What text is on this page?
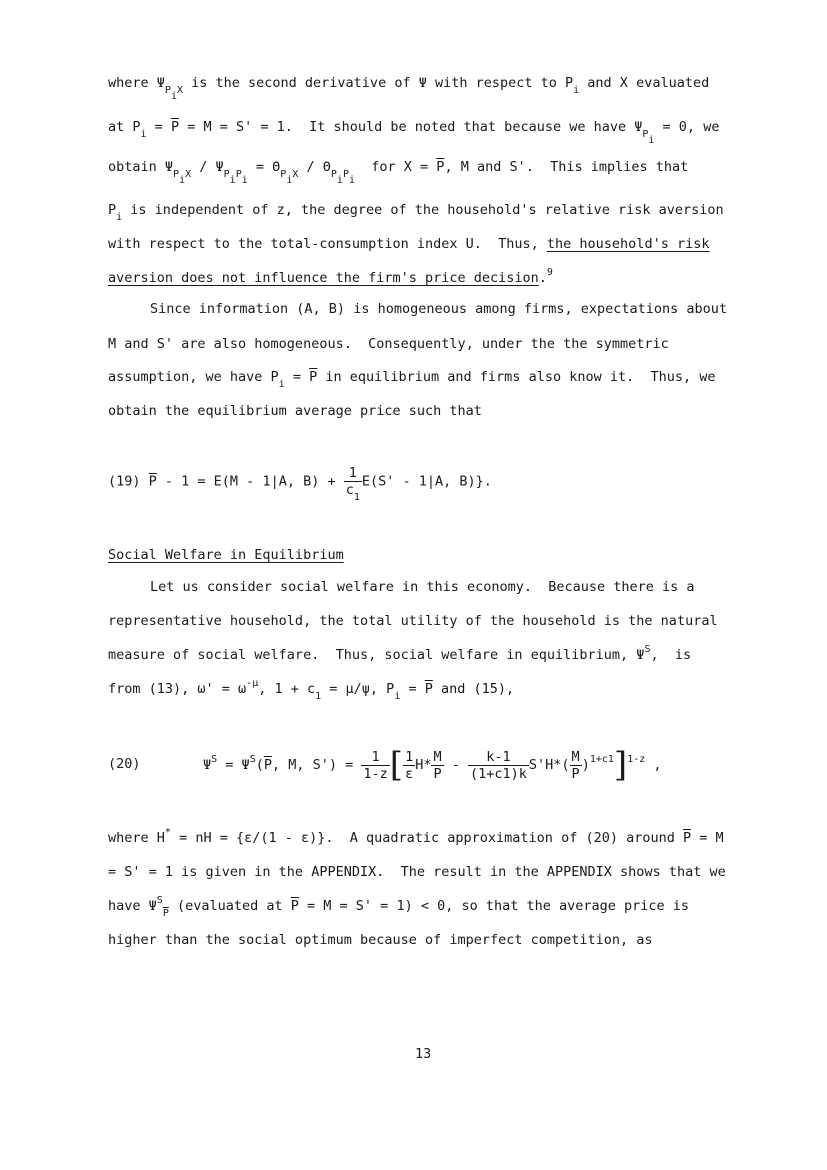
where $\Psi_{P_iX}$ is the second derivative of Ψ with respect to $P_i$ and X evaluated
at $P_i = \overline{P} = M = S' = 1$.  It should be noted that because we have $\Psi_{P_i} = 0$, we
obtain $\Psi_{P_iX} / \Psi_{P_iP_i} = \Theta_{P_iX} / \Theta_{P_iP_i}$  for $X = \overline{P}$, M and S'.  This implies that
$P_i$ is independent of z, the degree of the household's relative risk aversion
with respect to the total-consumption index U.  Thus, the household's risk
aversion does not influence the firm's price decision.$^9$
Since information (A, B) is homogeneous among firms, expectations about
M and S' are also homogeneous.  Consequently, under the the symmetric
assumption, we have $P_i = \overline{P}$ in equilibrium and firms also know it.  Thus, we
obtain the equilibrium average price such that
(19) $\overline{P} - 1 = E(M - 1|A$, $B) + \frac{1}{c_1} E(S' - 1|A$, B)}.
Social Welfare in Equilibrium
Let us consider social welfare in this economy.  Because there is a
representative household, the total utility of the household is the natural
measure of social welfare.  Thus, social welfare in equilibrium, $\Psi^S$,  is
from (13), $\omega' = \omega^{-\mu}$, $1 + c_1 = \mu/\psi$, $P_i = \overline{P}$ and (15),
(20)	$\Psi^S = \Psi^S(\overline{P}$, M, $S') = \frac{1}{1-z}$ [ $\frac{1}{\varepsilon} H* \frac{M}{P} - \frac{k-1}{(1+c1)k} S'H*( \frac{M}{P} )^{1+c1}]^{1-z}$ ,
where H* = nH = {ε/(1 - ε)}.  A quadratic approximation of (20) around $\overline{P} = M$
= S' = 1 is given in the APPENDIX.  The result in the APPENDIX shows that we
have $\Psi^S_{\overline{P}}$ (evaluated at $\overline{P} = M = S' = 1) < 0$, so that the average price is
higher than the social optimum because of imperfect competition, as
13
